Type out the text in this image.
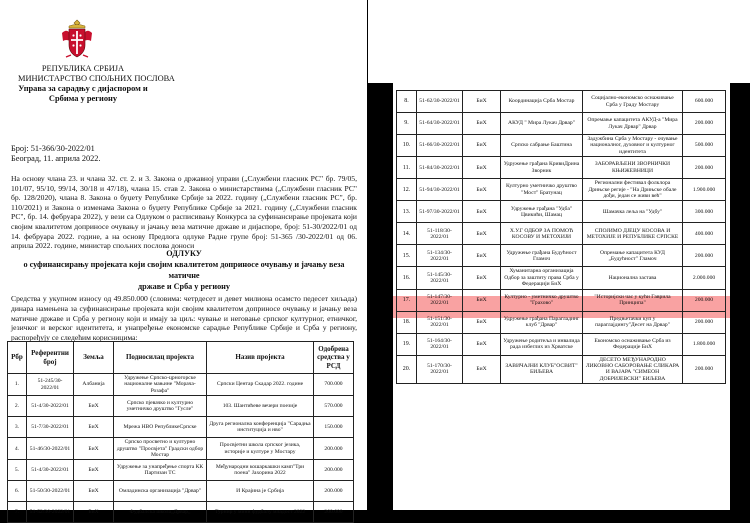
РЕПУБЛИКА СРБИЈА
МИНИСТАРСТВО СПОЉНИХ ПОСЛОВА
Управа за сарадњу с дијаспором и
Србима у региону
Број: 51-366/30-2022/01
Београд, 11. априла 2022.

На основу члана 23. и члана 32. ст. 2. и 3. Закона о државној управи („Службени гласник РС" бр. 79/05, 101/07, 95/10, 99/14, 30/18 и 47/18), члана 15. став 2. Закона о министарствима („Службени гласник РС" бр. 128/2020), члана 8. Закона о буџету Републике Србије за 2022. годину („Службени гласник РС", бр. 110/2021) и Закона о изменама Закона о буџету Републике Србије за 2021. годину („Службени гласник РС", бр. 14. фебруара 2022), у вези са Одлуком о расписивању Конкурса за суфинансирање пројеката који својим квалитетом доприносе очувању и јачању веза матичне државе и дијаспоре, број: 51-30/2022/01 од 14. фебруара 2022. године, а на основу Предлога одлуке Радне групе број: 51-365 /30-2022/01 од 06. априла 2022. године, министар спољних послова доноси

ОДЛУКУ
о суфинансирању пројеката који својим квалитетом доприносе очувању и јачању веза матичне
државе и Срба у региону

Средства у укупном износу од 49.850.000 (словима: четрдесет и девет милиона осамсто педесет хиљада) динара намењена за суфинансирање пројеката који својим квалитетом доприносе очувању и јачању веза матичне државе и Срба у региону који и имају за циљ: чување и неговање српског културног, етничког, језичког и верског идентитета, и унапређење економске сарадње Републике Србије и Срба у региону, распоређују се следећим корисницима:

Рбр	Референтни број	Земља	Подносилац пројекта	Назив пројекта	Одобрена средства у РСД
1.	51-245/30-2022/01	Албанија	Удружење Српско-црногорске националне мањине "Морача-Розафа"	Српски Центар Скадар 2022. године	700.000
2.	51-4/30-2022/01	БиХ	Српско пјевачко и културно уметничко друштво "Гусле"	103. Шантићеве вечери поезије	570.000
3.	51-7/30-2022/01	БиХ	Мрежа НВО РепубликеСрпске	Друга регионална конференција "Сарадња институција и нво"	150.000
4.	51-46/30-2022/01	БиХ	Српско просветно и културно друштво "Просвјета" Градски одбор Мостар	Просвјетни школа српског језика, историје и културе у Мостару	200.000
5.	51-4/30-2022/01	БиХ	Удружење за унапређење спорта КК Партизан ТС	Међународни кошаркашки камп"Три поена" Јахорина 2022	200.000
6.	51-50/30-2022/01	БиХ	Омладинска организација "Дрвар"	И Крајина је Србија	200.000
7.	51-52/30-2022/01	БиХ	Фудбалска школа„Дрвар„	Турнир у мини фудбалу младост 2022	200.000
8.	51-62/30-2022/01	БиХ	Координација Срба Мостар	Социјално-економско оснаживање Срба у Граду Мостару	600.000
9.	51-64/30-2022/01	БиХ	АКУД " Мирa Лукач Дрвар"	Опремање капацитета АКУД-а "Мира Лукач Дрвар" Дрвар	200.000
10.	51-66/30-2022/01	БиХ	Српско сабрање Баштина	Задужбина Срба у Мостару - очување националног, духовног и културног идентитета	500.000
11.	51-84/30-2022/01	БиХ	Удружење грађана КривиДрина Зворник	ЗАБОРАВЉЕНИ ЗВОРНИЧКИ КЊИЖЕВНИЦИ	200.000
12.	51-94/30-2022/01	БиХ	Културно уметничко друштво "Мост" Братунац	Регионални фестивал фолклора Дрињске регије - "На Дрињске обале дођи, један се живи већ"	1.900.000
13.	51-97/30-2022/01	БиХ	Удружење грађана "Удба" Цвикићи, Шамац	Шамачка леља на "Удбу"	300.000
14.	51-118/30-2022/01	БиХ	Х.У.Г ОДБОР ЗА ПОМОЋ КОСОВУ И МЕТОХИЈИ	СПОЈИМО ДЈЕЦУ КОСОВА И МЕТОХИЈЕ И РЕПУБЛИКЕ СРПСКЕ	400.000
15.	51-134/30-2022/01	БиХ	Удружење грађана Будућност Гламоч	Опремање капацитета КУД „Будућност" Гламоч	200.000
16.	51-145/30-2022/01	БиХ	Хуманитарна организација Одбор за заштиту права Срба у Федерацији БиХ	Национална застава	2.000.000
17.	51-147/30-2022/01	БиХ	Културно - уметничко друштво "Грахово"	"Историјски час у кући Гаврила Принципа"	200.000
18.	51-151/30-2022/01	БиХ	Удружење грађана Парагладинг клуб "Дрвар"	Предњетачки куп у параглајдингу"Десет на Дрвар"	200.000
19.	51-164/30-2022/01	БиХ	Удружење родитеља и инвалида рада избеглих из Хрватске	Економско оснаживање Срба из Федерације БиХ	1.800.000
20.	51-170/30-2022/01	БиХ	ЗАВИЧАЈНИ КЛУБ"ОСВИТ" БИЉЕВА	ДЕСЕТО МЕЂУНАРОДНО ЛИКОВНО САБОРОВАЊЕ СЛИКАРА И ВАЈАРА "СИМЕОН ДОБРИЈЕВСКИ" БИЉЕВА	200.000
